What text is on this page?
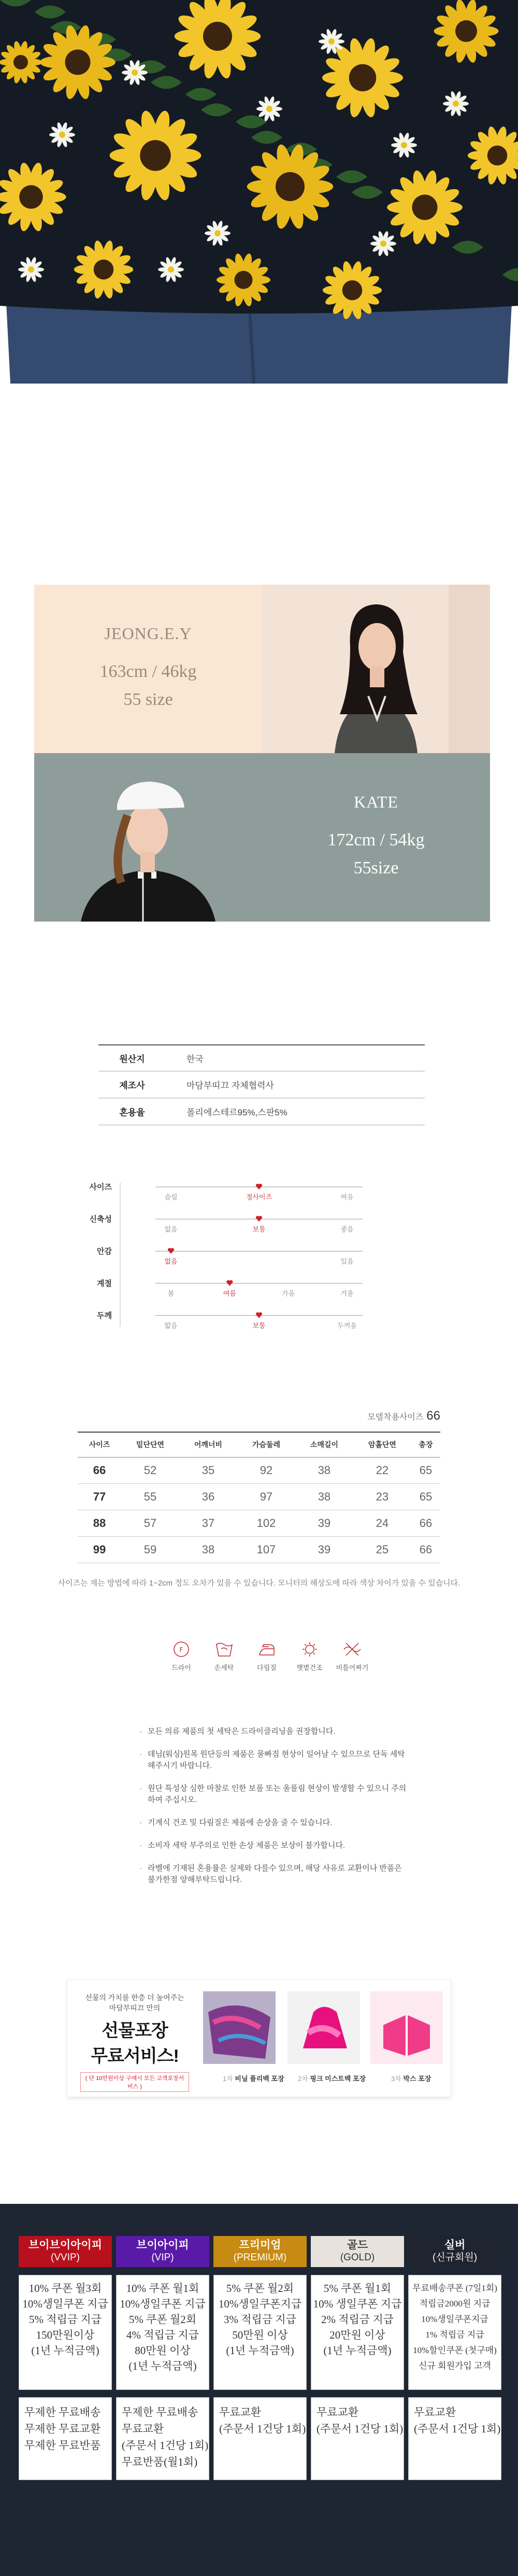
JEONG.E.Y
163cm / 46kg
55 size
KATE
172cm / 54kg
55size
원산지	한국
제조사	마담부띠끄 자체협력사
혼용율	폴리에스테르95%,스판5%
사이즈
슬림	정사이즈	여유
신축성
없음	보통	좋음
안감
없음	있음
계절
봄	여름	가을	겨울
두께
얇음	보통	두꺼움
모델착용사이즈 66
사이즈	밑단단면	어깨너비	가슴둘레	소매길이	암홀단면	총장
66	52	35	92	38	22	65
77	55	36	97	38	23	65
88	57	37	102	39	24	66
99	59	38	107	39	25	66
사이즈는 재는 방법에 따라 1~2cm 정도 오차가 있을 수 있습니다. 모니터의 해상도에 따라 색상 차이가 있을 수 있습니다.
F
드라이	손세탁	다림질	햇볕건조 비틀어짜기

· 모든 의류 제품의 첫 세탁은 드라이클리닝을 권장합니다.

· 데님(워싱)원목 원단등의 제품은 물빠짐 현상이 일어날 수 있으므로 단독 세탁 해주시기 바랍니다.

· 원단 특성상 심한 마찰로 인한 보풀 또는 올풀림 현상이 발생할 수 있으니 주의하여 주십시오.

· 기계식 건조 및 다림질은 제품에 손상을 줄 수 있습니다.

· 소비자 세탁 부주의로 인한 손상 제품은 보상이 불가합니다.

· 라벨에 기재된 혼용률은 실제와 다를수 있으며, 해당 사유로 교환이나 반품은 불가한점 양해부탁드립니다.

선물의 가치를 한층 더 높여주는
마담부띠끄 만의
선물포장
무료서비스!
( 단 10만원이상 구매시 모든 고객포장서비스 )
1차 비닐 플리백 포장 2차 핑크 미스트백 포장	3차 박스 포장
브이브이아이피
(VVIP)
10% 쿠폰 월3회
10%생일쿠폰 지급
5% 적립금 지급
150만원이상
(1년 누적금액)
무제한 무료배송
무제한 무료교환
무제한 무료반품
브이아이피
(VIP)
10% 쿠폰 월1회
10%생일쿠폰 지급
5% 쿠폰 월2회
4% 적립금 지급
80만원 이상
(1년 누적금액)
무제한 무료배송
무료교환
(주문서 1건당 1회)
무료반품(월1회)
프리미엄
(PREMIUM)
5% 쿠폰 월2회
10%생일쿠폰지급
3% 적립금 지급
50만원 이상
(1년 누적금액)
무료교환
(주문서 1건당 1회)
골드
(GOLD)
5% 쿠폰 월1회
10% 생일쿠폰 지급
2% 적립금 지급
20만원 이상
(1년 누적금액)
무료교환
(주문서 1건당 1회)
실버
(신규회원)
무료배송쿠폰 (7일1회)
적립금2000원 지급
10%생일쿠폰지급
1% 적립금 지급
10%할인쿠폰 (첫구매)
신규 회원가입 고객
무료교환
(주문서 1건당 1회)
